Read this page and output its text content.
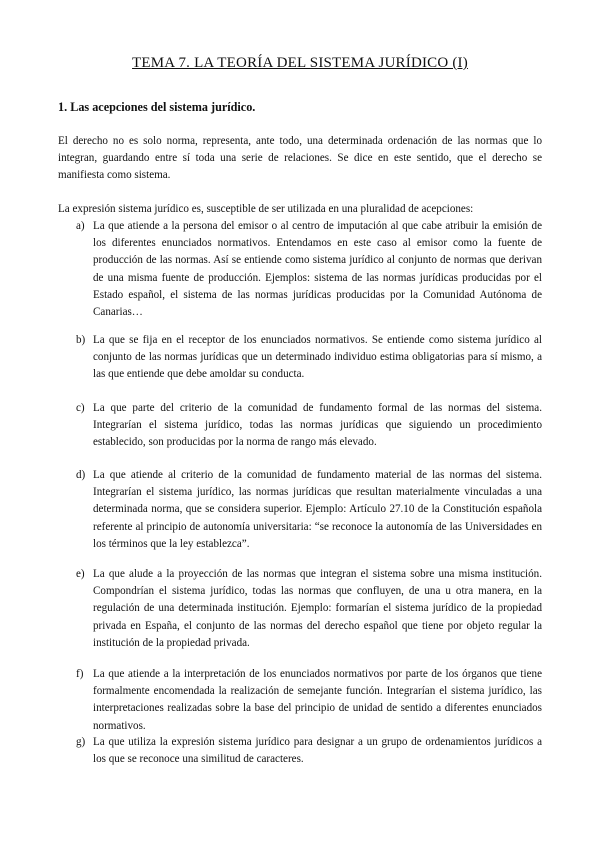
TEMA 7. LA TEORÍA DEL SISTEMA JURÍDICO (I)
1. Las acepciones del sistema jurídico.

El derecho no es solo norma, representa, ante todo, una determinada ordenación de las normas que lo integran, guardando entre sí toda una serie de relaciones. Se dice en este sentido, que el derecho se manifiesta como sistema.

La expresión sistema jurídico es, susceptible de ser utilizada en una pluralidad de acepciones:

a) La que atiende a la persona del emisor o al centro de imputación al que cabe atribuir la emisión de los diferentes enunciados normativos. Entendamos en este caso al emisor como la fuente de producción de las normas. Así se entiende como sistema jurídico al conjunto de normas que derivan de una misma fuente de producción. Ejemplos: sistema de las normas jurídicas producidas por el Estado español, el sistema de las normas jurídicas producidas por la Comunidad Autónoma de Canarias…
b) La que se fija en el receptor de los enunciados normativos. Se entiende como sistema jurídico al conjunto de las normas jurídicas que un determinado individuo estima obligatorias para sí mismo, a las que entiende que debe amoldar su conducta.
c) La que parte del criterio de la comunidad de fundamento formal de las normas del sistema. Integrarían el sistema jurídico, todas las normas jurídicas que siguiendo un procedimiento establecido, son producidas por la norma de rango más elevado.
d) La que atiende al criterio de la comunidad de fundamento material de las normas del sistema. Integrarían el sistema jurídico, las normas jurídicas que resultan materialmente vinculadas a una determinada norma, que se considera superior. Ejemplo: Artículo 27.10 de la Constitución española referente al principio de autonomía universitaria: “se reconoce la autonomía de las Universidades en los términos que la ley establezca”.
e) La que alude a la proyección de las normas que integran el sistema sobre una misma institución. Compondrían el sistema jurídico, todas las normas que confluyen, de una u otra manera, en la regulación de una determinada institución. Ejemplo: formarían el sistema jurídico de la propiedad privada en España, el conjunto de las normas del derecho español que tiene por objeto regular la institución de la propiedad privada.
f) La que atiende a la interpretación de los enunciados normativos por parte de los órganos que tiene formalmente encomendada la realización de semejante función. Integrarían el sistema jurídico, las interpretaciones realizadas sobre la base del principio de unidad de sentido a diferentes enunciados normativos.
g) La que utiliza la expresión sistema jurídico para designar a un grupo de ordenamientos jurídicos a los que se reconoce una similitud de caracteres.
